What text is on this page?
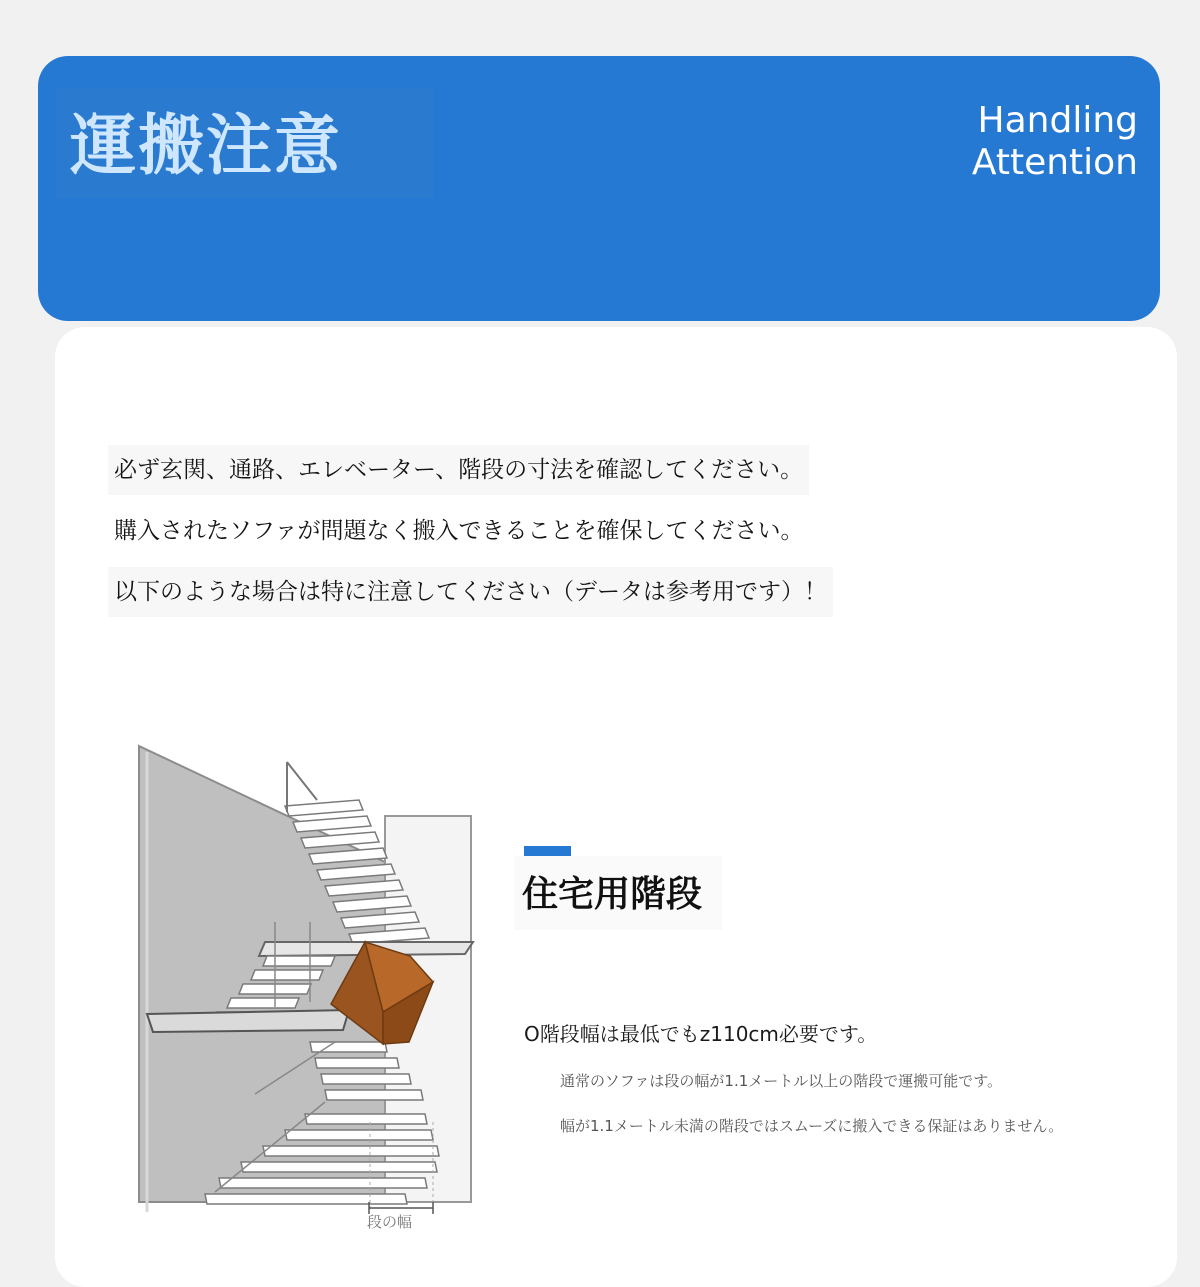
運搬注意	Handling
Attention
必ず玄関、通路、エレベーター、階段の寸法を確認してください。
購入されたソファが問題なく搬入できることを確保してください。
以下のような場合は特に注意してください（データは参考用です）！
段の幅
住宅用階段
O階段幅は最低でもz110cm必要です。
通常のソファは段の幅が1.1メートル以上の階段で運搬可能です。
幅が1.1メートル未満の階段ではスムーズに搬入できる保証はありません。
